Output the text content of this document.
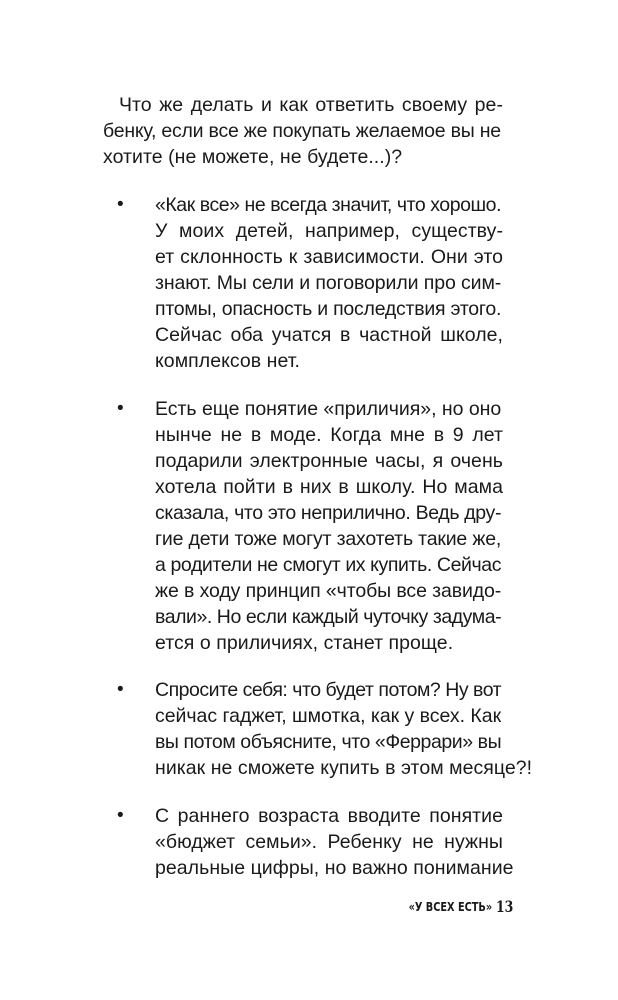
Что же делать и как ответить своему ре-
бенку, если все же покупать желаемое вы не
хотите (не можете, не будете...)?
• «Как все» не всегда значит, что хорошо.
У моих детей, например, существу-
ет склонность к зависимости. Они это
знают. Мы сели и поговорили про сим-
птомы, опасность и последствия этого.
Сейчас оба учатся в частной школе,
комплексов нет.
• Есть еще понятие «приличия», но оно
нынче не в моде. Когда мне в 9 лет
подарили электронные часы, я очень
хотела пойти в них в школу. Но мама
сказала, что это неприлично. Ведь дру-
гие дети тоже могут захотеть такие же,
а родители не смогут их купить. Сейчас
же в ходу принцип «чтобы все завидо-
вали». Но если каждый чуточку задума-
ется о приличиях, станет проще.
• Спросите себя: что будет потом? Ну вот
сейчас гаджет, шмотка, как у всех. Как
вы потом объясните, что «Феррари» вы
никак не сможете купить в этом месяце?!
• С раннего возраста вводите понятие
«бюджет семьи». Ребенку не нужны
реальные цифры, но важно понимание
«У ВСЕХ ЕСТЬ» 13
